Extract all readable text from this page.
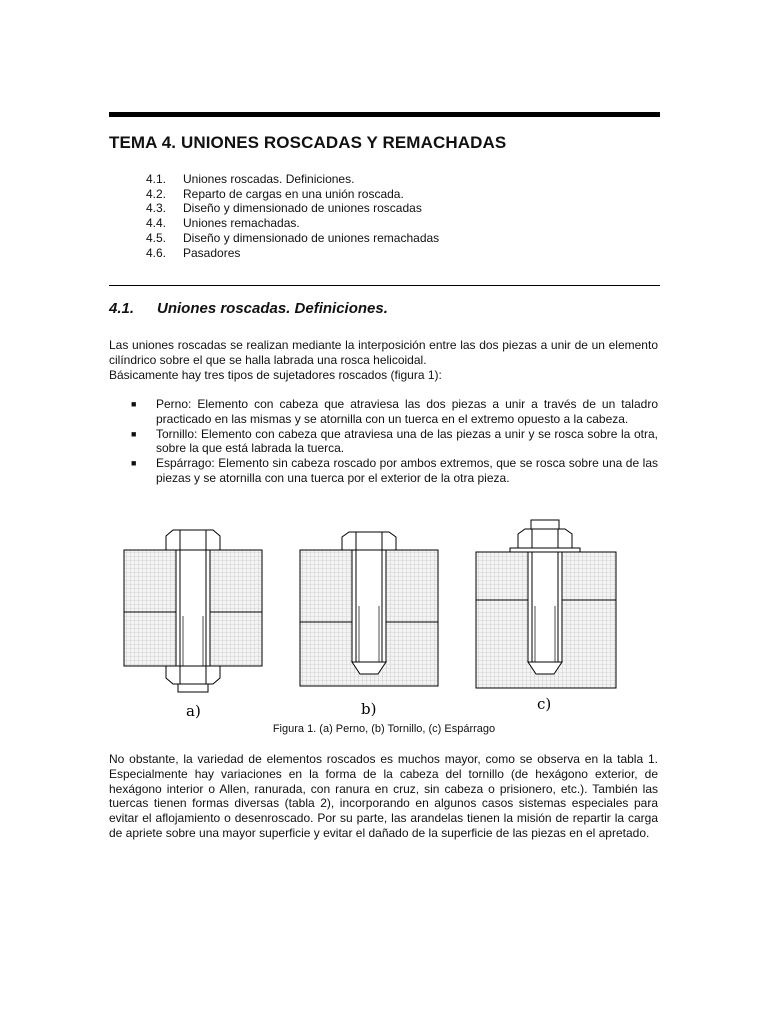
TEMA 4. UNIONES ROSCADAS Y REMACHADAS
4.1.	Uniones roscadas. Definiciones.
4.2.	Reparto de cargas en una unión roscada.
4.3.	Diseño y dimensionado de uniones roscadas
4.4.	Uniones remachadas.
4.5.	Diseño y dimensionado de uniones remachadas
4.6.	Pasadores
4.1. Uniones roscadas. Definiciones.

Las uniones roscadas se realizan mediante la interposición entre las dos piezas a unir de un elemento cilíndrico sobre el que se halla labrada una rosca helicoidal.

Básicamente hay tres tipos de sujetadores roscados (figura 1):

■	Perno: Elemento con cabeza que atraviesa las dos piezas a unir a través de un taladro practicado en las mismas y se atornilla con un tuerca en el extremo opuesto a la cabeza.
■	Tornillo: Elemento con cabeza que atraviesa una de las piezas a unir y se rosca sobre la otra, sobre la que está labrada la tuerca.
■	Espárrago: Elemento sin cabeza roscado por ambos extremos, que se rosca sobre una de las piezas y se atornilla con una tuerca por el exterior de la otra pieza.
a)	b)	c)
Figura 1. (a) Perno, (b) Tornillo, (c) Espárrago

No obstante, la variedad de elementos roscados es muchos mayor, como se observa en la tabla 1. Especialmente hay variaciones en la forma de la cabeza del tornillo (de hexágono exterior, de hexágono interior o Allen, ranurada, con ranura en cruz, sin cabeza o prisionero, etc.). También las tuercas tienen formas diversas (tabla 2), incorporando en algunos casos sistemas especiales para evitar el aflojamiento o desenroscado. Por su parte, las arandelas tienen la misión de repartir la carga de apriete sobre una mayor superficie y evitar el dañado de la superficie de las piezas en el apretado.
